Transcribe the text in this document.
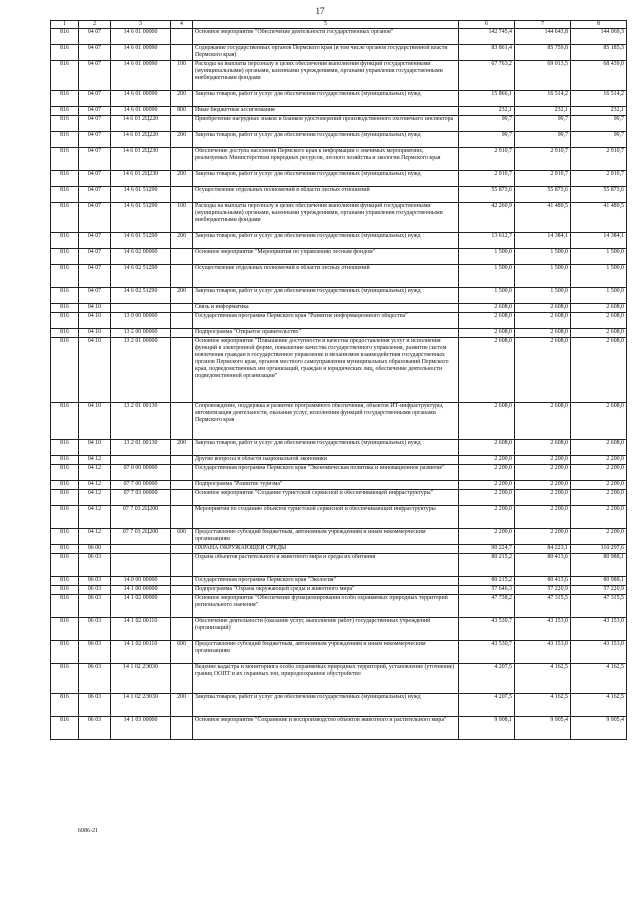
17
1	2	3	4	5	6	7	8
816	04 07	14 6 01 00000		Основное мероприятие "Обеспечение деятельности государственных органов"	142 745,4	144 643,8	144 069,3
816	04 07	14 6 01 00090		Содержание государственных органов Пермского края (в том числе органов государственной власти Пермского края)	83 861,4	85 759,8	85 185,3
816	04 07	14 6 01 00090	100	Расходы на выплаты персоналу в целях обеспечения выполнения функций государственными (муниципальными) органами, казенными учреждениями, органами управления государственными внебюджетными фондами	67 763,2	69 013,5	68 439,0
816	04 07	14 6 01 00090	200	Закупка товаров, работ и услуг для обеспечения государственных (муниципальных) нужд	15 866,1	16 514,2	16 514,2
816	04 07	14 6 01 00090	800	Иные бюджетные ассигнования	232,1	232,1	232,1
816	04 07	14 6 01 2Ц220		Приобретение нагрудных знаков и бланков удостоверений производственного охотничьего инспектора	99,7	99,7	99,7
816	04 07	14 6 01 2Ц220	200	Закупка товаров, работ и услуг для обеспечения государственных (муниципальных) нужд	99,7	99,7	99,7
816	04 07	14 6 01 2Ц230		Обеспечение доступа населения Пермского края к информации о значимых мероприятиях, реализуемых Министерством природных ресурсов, лесного хозяйства и экологии Пермского края	2 910,7	2 910,7	2 910,7
816	04 07	14 6 01 2Ц230	200	Закупка товаров, работ и услуг для обеспечения государственных (муниципальных) нужд	2 910,7	2 910,7	2 910,7
816	04 07	14 6 01 51290		Осуществление отдельных полномочий в области лесных отношений	55 873,6	55 873,6	55 873,6
816	04 07	14 6 01 51290	100	Расходы на выплаты персоналу в целях обеспечения выполнения функций государственными (муниципальными) органами, казенными учреждениями, органами управления государственными внебюджетными фондами	42 260,9	41 489,5	41 489,5
816	04 07	14 6 01 51290	200	Закупка товаров, работ и услуг для обеспечения государственных (муниципальных) нужд	13 612,7	14 384,1	14 384,1
816	04 07	14 6 02 00000		Основное мероприятие "Мероприятия по управлению лесным фондом"	1 500,0	1 500,0	1 500,0
816	04 07	14 6 02 51290		Осуществление отдельных полномочий в области лесных отношений	1 500,0	1 500,0	1 500,0
816	04 07	14 6 02 51290	200	Закупка товаров, работ и услуг для обеспечения государственных (муниципальных) нужд	1 500,0	1 500,0	1 500,0
816	04 10			Связь и информатика	2 608,0	2 608,0	2 608,0
816	04 10	13 0 00 00000		Государственная программа Пермского края "Развитие информационного общества"	2 608,0	2 608,0	2 608,0
816	04 10	13 2 00 00000		Подпрограмма "Открытое правительство"	2 608,0	2 608,0	2 608,0
816	04 10	13 2 01 00000		Основное мероприятие "Повышение доступности и качества предоставления услуг и исполнения функций в электронной форме, повышение качества государственного управления, развитие систем вовлечения граждан в государственное управление и механизмов взаимодействия государственных органов Пермского края, органов местного самоуправления муниципальных образований Пермского края, подведомственных им организаций, граждан и юридических лиц, обеспечение деятельности подведомственной организации"	2 608,0	2 608,0	2 608,0
816	04 10	13 2 01 00130		Сопровождение, поддержка и развитие программного обеспечения, объектов ИТ-инфраструктуры, автоматизация деятельности, оказания услуг, исполнения функций государственными органами Пермского края	2 608,0	2 608,0	2 608,0
816	04 10	13 2 01 00130	200	Закупка товаров, работ и услуг для обеспечения государственных (муниципальных) нужд	2 608,0	2 608,0	2 608,0
816	04 12			Другие вопросы в области национальной экономики	2 200,0	2 200,0	2 200,0
816	04 12	07 0 00 00000		Государственная программа Пермского края "Экономическая политика и инновационное развитие"	2 200,0	2 200,0	2 200,0
816	04 12	07 7 00 00000		Подпрограмма "Развитие туризма"	2 200,0	2 200,0	2 200,0
816	04 12	07 7 03 00000		Основное мероприятие "Создание туристской сервисной и обеспечивающей инфраструктуры"	2 200,0	2 200,0	2 200,0
816	04 12	07 7 03 2Ц200		Мероприятия по созданию объектов туристской сервисной и обеспечивающей инфраструктуры	2 200,0	2 200,0	2 200,0
816	04 12	07 7 03 2Ц200	600	Предоставление субсидий бюджетным, автономным учреждениям и иным некоммерческим организациям	2 200,0	2 200,0	2 200,0
816	06 00			ОХРАНА ОКРУЖАЮЩЕЙ СРЕДЫ	90 224,7	84 223,1	110 297,6
816	06 03			Охрана объектов растительного и животного мира и среды их обитания	80 215,2	80 413,6	80 988,1
816	06 03	14 0 00 00000		Государственная программа Пермского края "Экология"	80 215,2	80 413,6	80 988,1
816	06 03	14 1 00 00000		Подпрограмма "Охрана окружающей среды и животного мира"	57 646,3	57 220,9	57 220,9
816	06 03	14 1 02 00000		Основное мероприятие "Обеспечение функционирования особо охраняемых природных территорий регионального значения"	47 738,2	47 315,5	47 315,5
816	06 03	14 1 02 00110		Обеспечение деятельности (оказание услуг, выполнение работ) государственных учреждений (организаций)	43 530,7	43 153,0	43 153,0
816	06 03	14 1 02 00110	600	Предоставление субсидий бюджетным, автономным учреждениям и иным некоммерческим организациям	43 530,7	43 153,0	43 153,0
816	06 03	14 1 02 2Э030		Ведение кадастра и мониторинга особо охраняемых природных территорий, установление (уточнение) границ ООПТ и их охранных зон, природоохранное обустройство	4 207,5	4 162,5	4 162,5
816	06 03	14 1 02 2Э030	200	Закупка товаров, работ и услуг для обеспечения государственных (муниципальных) нужд	4 207,5	4 162,5	4 162,5
816	06 03	14 1 03 00000		Основное мероприятие "Сохранение и воспроизводство объектов животного и растительного мира"	9 908,1	9 905,4	9 905,4
6086-21
